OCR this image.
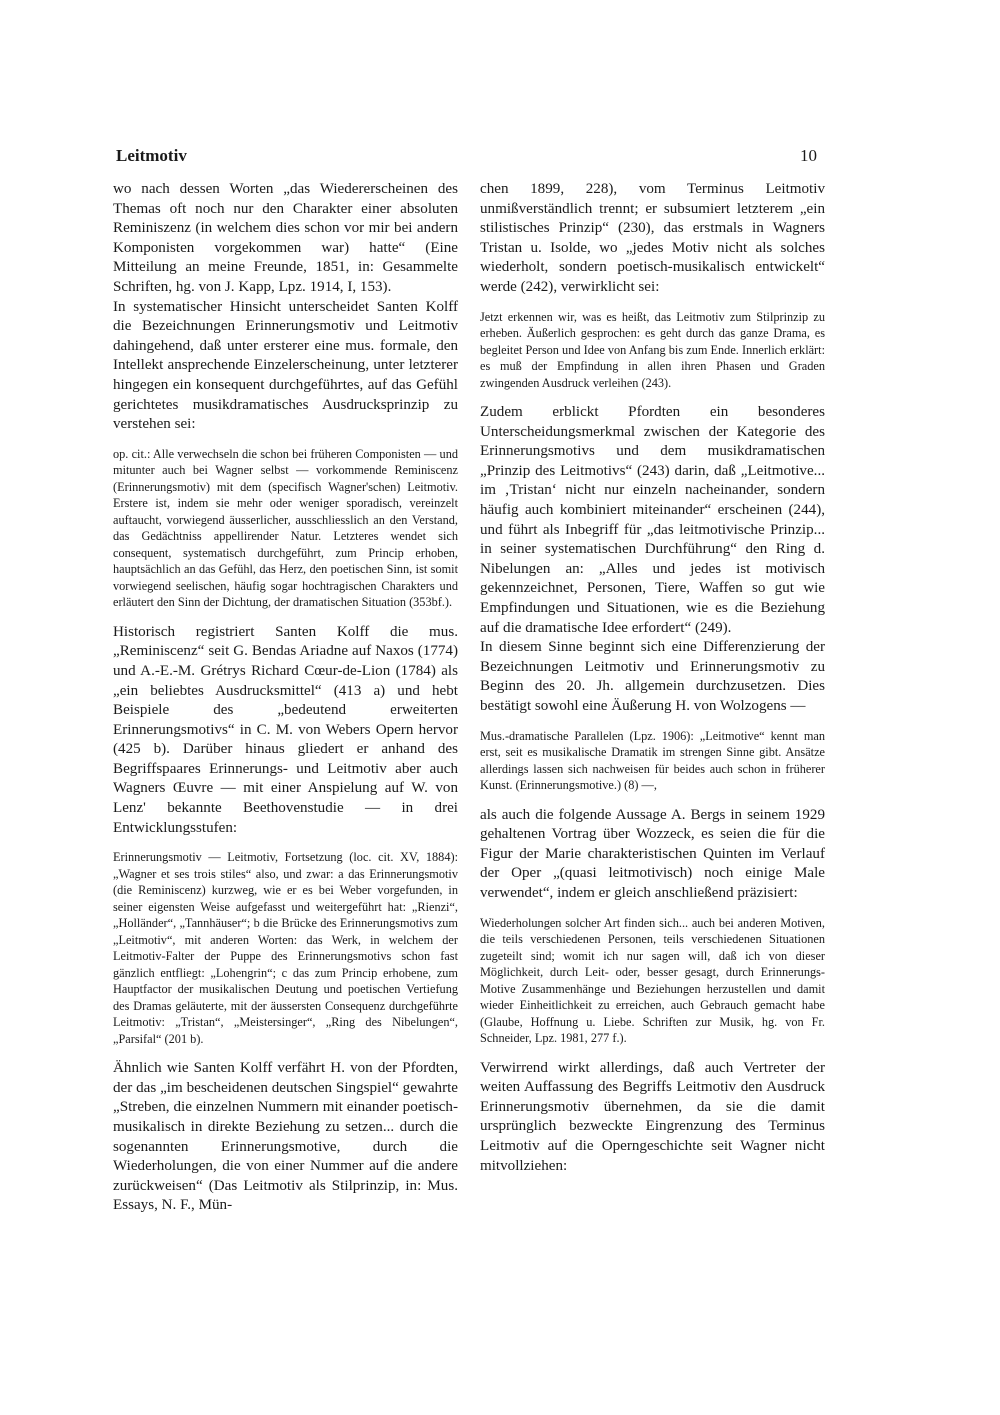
Leitmotiv	10

wo nach dessen Worten „das Wiedererscheinen des Themas oft noch nur den Charakter einer absoluten Reminiszenz (in welchem dies schon vor mir bei andern Komponisten vorgekommen war) hatte“ (Eine Mitteilung an meine Freunde, 1851, in: Gesammelte Schriften, hg. von J. Kapp, Lpz. 1914, I, 153).

In systematischer Hinsicht unterscheidet Santen Kolff die Bezeichnungen Erinnerungsmotiv und Leitmotiv dahingehend, daß unter ersterer eine mus. formale, den Intellekt ansprechende Einzelerscheinung, unter letzterer hingegen ein konsequent durchgeführtes, auf das Gefühl gerichtetes musikdramatisches Ausdrucksprinzip zu verstehen sei:

op. cit.: Alle verwechseln die schon bei früheren Componisten — und mitunter auch bei Wagner selbst — vorkommende Reminiscenz (Erinnerungsmotiv) mit dem (specifisch Wagner'schen) Leitmotiv. Erstere ist, indem sie mehr oder weniger sporadisch, vereinzelt auftaucht, vorwiegend äusserlicher, ausschliesslich an den Verstand, das Gedächtniss appellirender Natur. Letzteres wendet sich consequent, systematisch durchgeführt, zum Princip erhoben, hauptsächlich an das Gefühl, das Herz, den poetischen Sinn, ist somit vorwiegend seelischen, häufig sogar hochtragischen Charakters und erläutert den Sinn der Dichtung, der dramatischen Situation (353bf.).

Historisch registriert Santen Kolff die mus. „Reminiscenz“ seit G. Bendas Ariadne auf Naxos (1774) und A.-E.-M. Grétrys Richard Cœur-de-Lion (1784) als „ein beliebtes Ausdrucksmittel“ (413 a) und hebt Beispiele des „bedeutend erweiterten Erinnerungsmotivs“ in C. M. von Webers Opern hervor (425 b). Darüber hinaus gliedert er anhand des Begriffspaares Erinnerungs- und Leitmotiv aber auch Wagners Œuvre — mit einer Anspielung auf W. von Lenz' bekannte Beethovenstudie — in drei Entwicklungsstufen:

Erinnerungsmotiv — Leitmotiv, Fortsetzung (loc. cit. XV, 1884): „Wagner et ses trois stiles“ also, und zwar: a das Erinnerungsmotiv (die Reminiscenz) kurzweg, wie er es bei Weber vorgefunden, in seiner eigensten Weise aufgefasst und weitergeführt hat: „Rienzi“, „Holländer“, „Tannhäuser“; b die Brücke des Erinnerungsmotivs zum „Leitmotiv“, mit anderen Worten: das Werk, in welchem der Leitmotiv-Falter der Puppe des Erinnerungsmotivs schon fast gänzlich entfliegt: „Lohengrin“; c das zum Princip erhobene, zum Hauptfactor der musikalischen Deutung und poetischen Vertiefung des Dramas geläuterte, mit der äussersten Consequenz durchgeführte Leitmotiv: „Tristan“, „Meistersinger“, „Ring des Nibelungen“, „Parsifal“ (201 b).

Ähnlich wie Santen Kolff verfährt H. von der Pfordten, der das „im bescheidenen deutschen Singspiel“ gewahrte „Streben, die einzelnen Nummern mit einander poetisch-musikalisch in direkte Beziehung zu setzen... durch die sogenannten Erinnerungsmotive, durch die Wiederholungen, die von einer Nummer auf die andere zurückweisen“ (Das Leitmotiv als Stilprinzip, in: Mus. Essays, N. F., Mün-

chen 1899, 228), vom Terminus Leitmotiv unmißverständlich trennt; er subsumiert letzterem „ein stilistisches Prinzip“ (230), das erstmals in Wagners Tristan u. Isolde, wo „jedes Motiv nicht als solches wiederholt, sondern poetisch-musikalisch entwickelt“ werde (242), verwirklicht sei:

Jetzt erkennen wir, was es heißt, das Leitmotiv zum Stilprinzip zu erheben. Äußerlich gesprochen: es geht durch das ganze Drama, es begleitet Person und Idee von Anfang bis zum Ende. Innerlich erklärt: es muß der Empfindung in allen ihren Phasen und Graden zwingenden Ausdruck verleihen (243).

Zudem erblickt Pfordten ein besonderes Unterscheidungsmerkmal zwischen der Kategorie des Erinnerungsmotivs und dem musikdramatischen „Prinzip des Leitmotivs“ (243) darin, daß „Leitmotive... im ‚Tristan‘ nicht nur einzeln nacheinander, sondern häufig auch kombiniert miteinander“ erscheinen (244), und führt als Inbegriff für „das leitmotivische Prinzip... in seiner systematischen Durchführung“ den Ring d. Nibelungen an: „Alles und jedes ist motivisch gekennzeichnet, Personen, Tiere, Waffen so gut wie Empfindungen und Situationen, wie es die Beziehung auf die dramatische Idee erfordert“ (249).

In diesem Sinne beginnt sich eine Differenzierung der Bezeichnungen Leitmotiv und Erinnerungsmotiv zu Beginn des 20. Jh. allgemein durchzusetzen. Dies bestätigt sowohl eine Äußerung H. von Wolzogens —

Mus.-dramatische Parallelen (Lpz. 1906): „Leitmotive“ kennt man erst, seit es musikalische Dramatik im strengen Sinne gibt. Ansätze allerdings lassen sich nachweisen für beides auch schon in früherer Kunst. (Erinnerungsmotive.) (8) —,

als auch die folgende Aussage A. Bergs in seinem 1929 gehaltenen Vortrag über Wozzeck, es seien die für die Figur der Marie charakteristischen Quinten im Verlauf der Oper „(quasi leitmotivisch) noch einige Male verwendet“, indem er gleich anschließend präzisiert:

Wiederholungen solcher Art finden sich... auch bei anderen Motiven, die teils verschiedenen Personen, teils verschiedenen Situationen zugeteilt sind; womit ich nur sagen will, daß ich von dieser Möglichkeit, durch Leit- oder, besser gesagt, durch Erinnerungs-Motive Zusammenhänge und Beziehungen herzustellen und damit wieder Einheitlichkeit zu erreichen, auch Gebrauch gemacht habe (Glaube, Hoffnung u. Liebe. Schriften zur Musik, hg. von Fr. Schneider, Lpz. 1981, 277 f.).

Verwirrend wirkt allerdings, daß auch Vertreter der weiten Auffassung des Begriffs Leitmotiv den Ausdruck Erinnerungsmotiv übernehmen, da sie die damit ursprünglich bezweckte Eingrenzung des Terminus Leitmotiv auf die Operngeschichte seit Wagner nicht mitvollziehen:
